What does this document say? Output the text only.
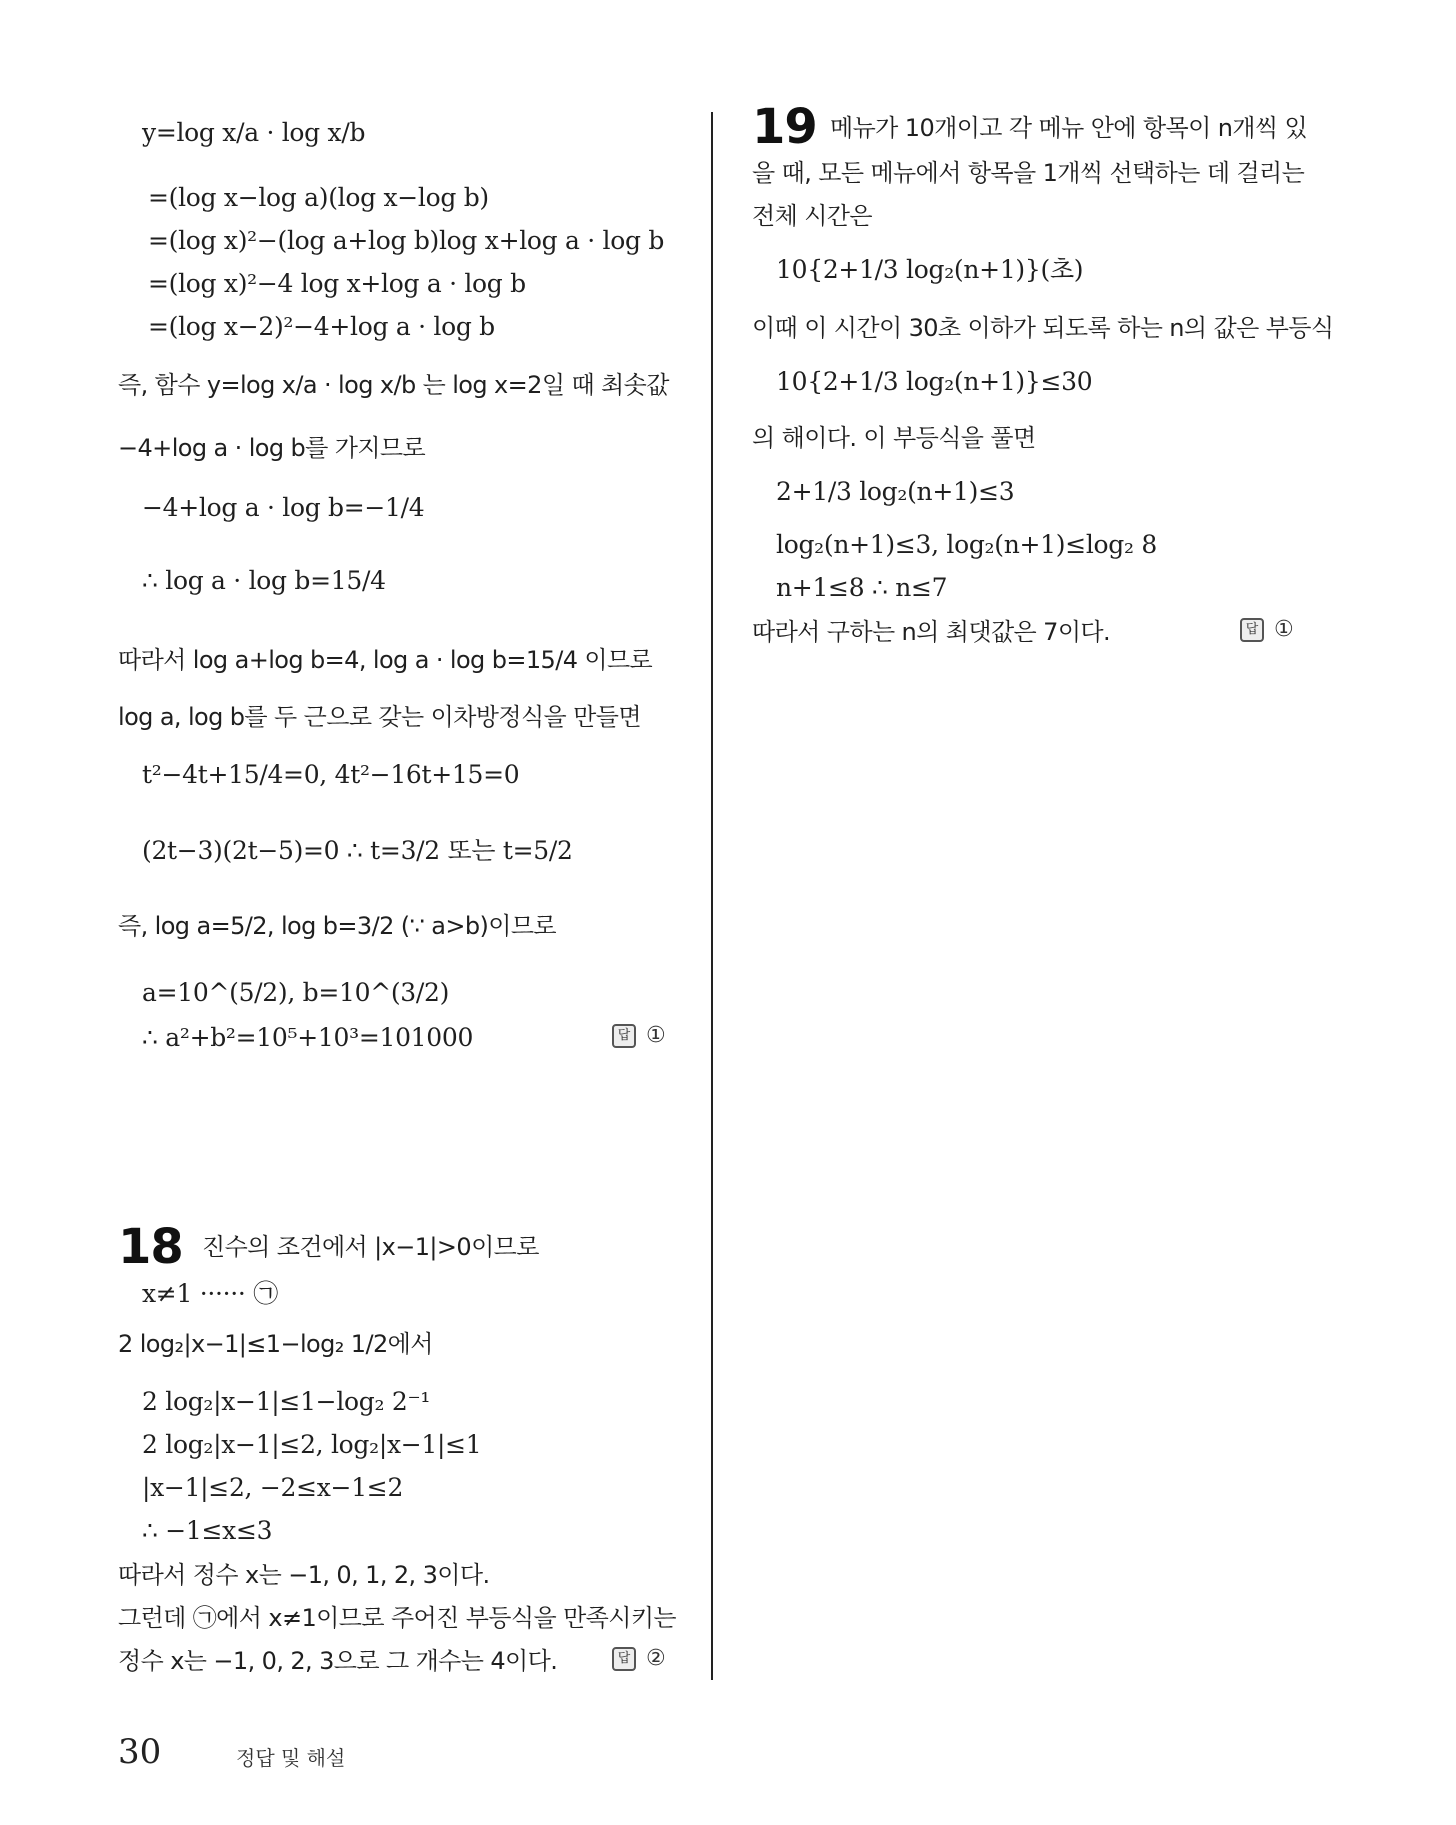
y=log x/a · log x/b
=(log x−log a)(log x−log b)
=(log x)²−(log a+log b)log x+log a · log b
=(log x)²−4 log x+log a · log b
=(log x−2)²−4+log a · log b
즉, 함수 y=log x/a · log x/b 는 log x=2일 때 최솟값
−4+log a · log b를 가지므로
−4+log a · log b=−1/4
∴ log a · log b=15/4
따라서 log a+log b=4, log a · log b=15/4 이므로
log a, log b를 두 근으로 갖는 이차방정식을 만들면
t²−4t+15/4=0, 4t²−16t+15=0
(2t−3)(2t−5)=0 ∴ t=3/2 또는 t=5/2
즉, log a=5/2, log b=3/2 (∵ a>b)이므로
a=10^(5/2), b=10^(3/2)
∴ a²+b²=10⁵+10³=101000	답 ①
18 진수의 조건에서 |x−1|>0이므로
x≠1 ······ ㉠
2 log₂|x−1|≤1−log₂ 1/2에서
2 log₂|x−1|≤1−log₂ 2⁻¹
2 log₂|x−1|≤2, log₂|x−1|≤1
|x−1|≤2, −2≤x−1≤2
∴ −1≤x≤3
따라서 정수 x는 −1, 0, 1, 2, 3이다.
그런데 ㉠에서 x≠1이므로 주어진 부등식을 만족시키는
정수 x는 −1, 0, 2, 3으로 그 개수는 4이다.	답 ②
19 메뉴가 10개이고 각 메뉴 안에 항목이 n개씩 있
을 때, 모든 메뉴에서 항목을 1개씩 선택하는 데 걸리는
전체 시간은
10{2+1/3 log₂(n+1)}(초)
이때 이 시간이 30초 이하가 되도록 하는 n의 값은 부등식
10{2+1/3 log₂(n+1)}≤30
의 해이다. 이 부등식을 풀면
2+1/3 log₂(n+1)≤3
log₂(n+1)≤3, log₂(n+1)≤log₂ 8
n+1≤8 ∴ n≤7
따라서 구하는 n의 최댓값은 7이다.	답 ①
30	정답 및 해설
